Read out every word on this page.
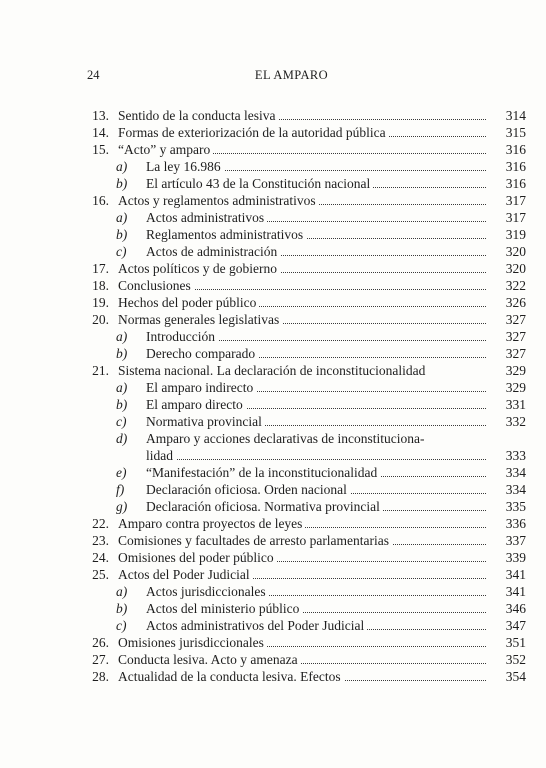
24	EL AMPARO
13. Sentido de la conducta lesiva	314
14. Formas de exteriorización de la autoridad pública	315
15. “Acto” y amparo	316
a) La ley 16.986	316
b) El artículo 43 de la Constitución nacional	316
16. Actos y reglamentos administrativos	317
a) Actos administrativos	317
b) Reglamentos administrativos	319
c) Actos de administración	320
17. Actos políticos y de gobierno	320
18. Conclusiones	322
19. Hechos del poder público	326
20. Normas generales legislativas	327
a) Introducción	327
b) Derecho comparado	327
21. Sistema nacional. La declaración de inconstitucionalidad	329
a) El amparo indirecto	329
b) El amparo directo	331
c) Normativa provincial	332
d) Amparo y acciones declarativas de inconstituciona-
lidad	333
e) “Manifestación” de la inconstitucionalidad	334
f) Declaración oficiosa. Orden nacional	334
g) Declaración oficiosa. Normativa provincial	335
22. Amparo contra proyectos de leyes	336
23. Comisiones y facultades de arresto parlamentarias	337
24. Omisiones del poder público	339
25. Actos del Poder Judicial	341
a) Actos jurisdiccionales	341
b) Actos del ministerio público	346
c) Actos administrativos del Poder Judicial	347
26. Omisiones jurisdiccionales	351
27. Conducta lesiva. Acto y amenaza	352
28. Actualidad de la conducta lesiva. Efectos	354
